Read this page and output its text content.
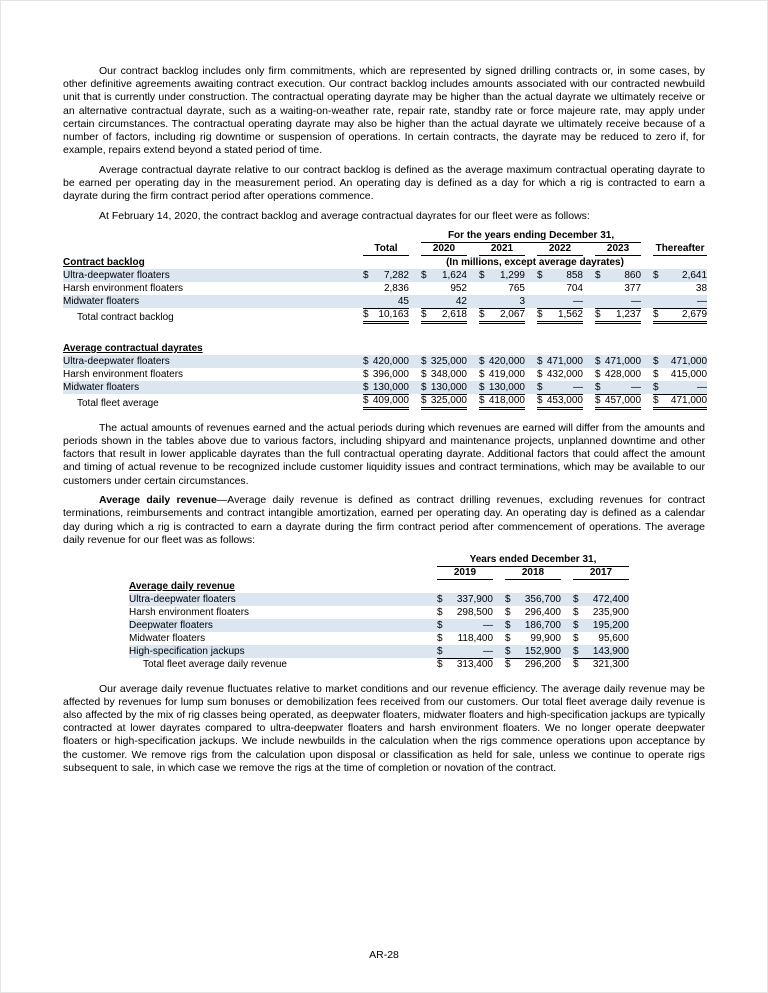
Our contract backlog includes only firm commitments, which are represented by signed drilling contracts or, in some cases, by other definitive agreements awaiting contract execution. Our contract backlog includes amounts associated with our contracted newbuild unit that is currently under construction. The contractual operating dayrate may be higher than the actual dayrate we ultimately receive or an alternative contractual dayrate, such as a waiting-on-weather rate, repair rate, standby rate or force majeure rate, may apply under certain circumstances. The contractual operating dayrate may also be higher than the actual dayrate we ultimately receive because of a number of factors, including rig downtime or suspension of operations. In certain contracts, the dayrate may be reduced to zero if, for example, repairs extend beyond a stated period of time.

Average contractual dayrate relative to our contract backlog is defined as the average maximum contractual operating dayrate to be earned per operating day in the measurement period. An operating day is defined as a day for which a rig is contracted to earn a dayrate during the firm contract period after operations commence.

At February 14, 2020, the contract backlog and average contractual dayrates for our fleet were as follows:

		For the years ending December 31,				

	Total	2020	2021	2022	2023	Thereafter

Contract backlog	(In millions, except average dayrates)					

Ultra-deepwater floaters	$ 7,282	$ 1,624	$ 1,299	$ 858	$ 860	$ 2,641

Harsh environment floaters	2,836	952	765	704	377	38

Midwater floaters	45	42	3	—	—	—

Total contract backlog	$ 10,163	$ 2,618	$ 2,067	$ 1,562	$ 1,237	$ 2,679

Average contractual dayrates						
Ultra-deepwater floaters	$ 420,000	$ 325,000	$ 420,000	$ 471,000	$ 471,000	$ 471,000

Harsh environment floaters	$ 396,000	$ 348,000	$ 419,000	$ 432,000	$ 428,000	$ 415,000

Midwater floaters	$ 130,000	$ 130,000	$ 130,000	$ —	$ —	$ —

Total fleet average	$ 409,000	$ 325,000	$ 418,000	$ 453,000	$ 457,000	$ 471,000

The actual amounts of revenues earned and the actual periods during which revenues are earned will differ from the amounts and periods shown in the tables above due to various factors, including shipyard and maintenance projects, unplanned downtime and other factors that result in lower applicable dayrates than the full contractual operating dayrate. Additional factors that could affect the amount and timing of actual revenue to be recognized include customer liquidity issues and contract terminations, which may be available to our customers under certain circumstances.

Average daily revenue—Average daily revenue is defined as contract drilling revenues, excluding revenues for contract terminations, reimbursements and contract intangible amortization, earned per operating day. An operating day is defined as a calendar day during which a rig is contracted to earn a dayrate during the firm contract period after commencement of operations. The average daily revenue for our fleet was as follows:

	Years ended December 31,		

	2019	2018	2017

Average daily revenue			
Ultra-deepwater floaters	$ 337,900	$ 356,700	$ 472,400

Harsh environment floaters	$ 298,500	$ 296,400	$ 235,900

Deepwater floaters	$ —	$ 186,700	$ 195,200

Midwater floaters	$ 118,400	$ 99,900	$ 95,600

High-specification jackups	$ —	$ 152,900	$ 143,900

Total fleet average daily revenue	$ 313,400	$ 296,200	$ 321,300

Our average daily revenue fluctuates relative to market conditions and our revenue efficiency. The average daily revenue may be affected by revenues for lump sum bonuses or demobilization fees received from our customers. Our total fleet average daily revenue is also affected by the mix of rig classes being operated, as deepwater floaters, midwater floaters and high-specification jackups are typically contracted at lower dayrates compared to ultra-deepwater floaters and harsh environment floaters. We no longer operate deepwater floaters or high-specification jackups. We include newbuilds in the calculation when the rigs commence operations upon acceptance by the customer. We remove rigs from the calculation upon disposal or classification as held for sale, unless we continue to operate rigs subsequent to sale, in which case we remove the rigs at the time of completion or novation of the contract.

AR-28
